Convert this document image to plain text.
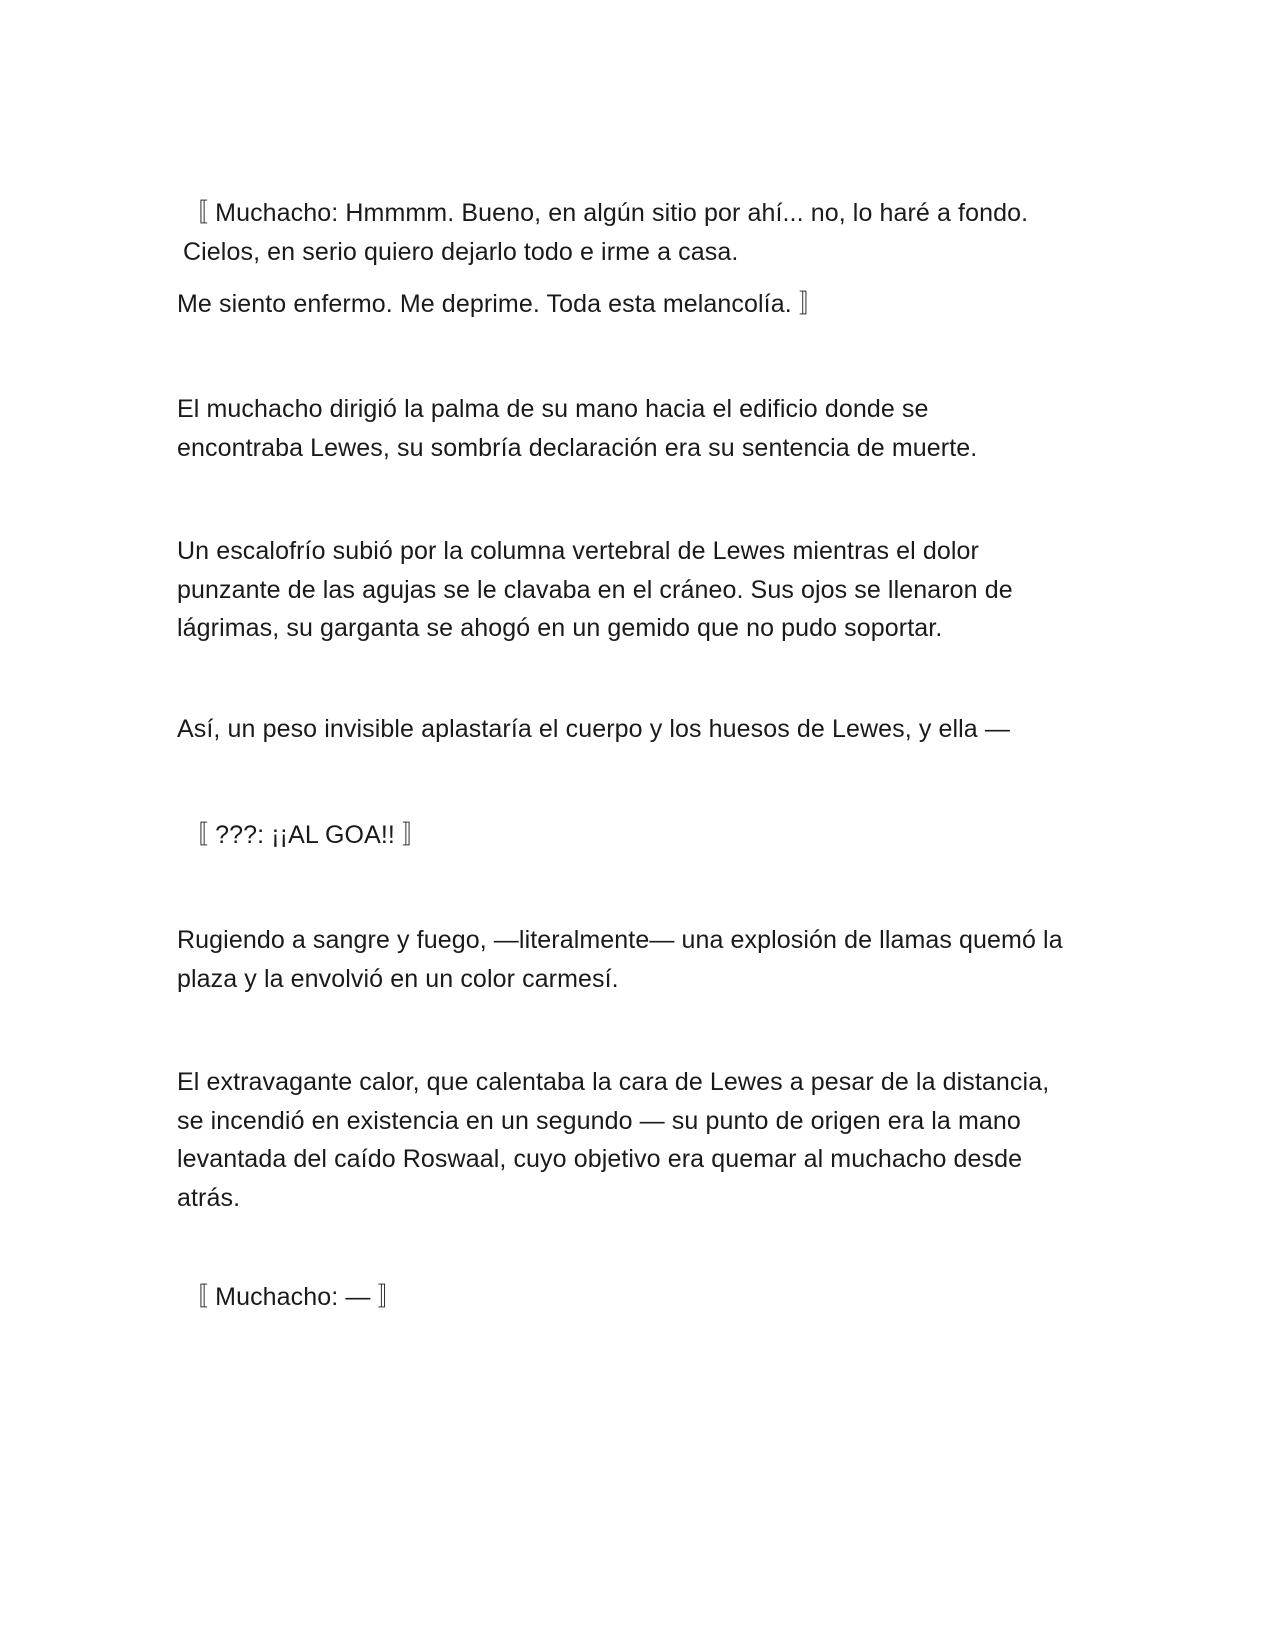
〚 Muchacho: Hmmmm. Bueno, en algún sitio por ahí... no, lo haré a fondo. Cielos, en serio quiero dejarlo todo e irme a casa.

Me siento enfermo. Me deprime. Toda esta melancolía. 〛

El muchacho dirigió la palma de su mano hacia el edificio donde se encontraba Lewes, su sombría declaración era su sentencia de muerte.

Un escalofrío subió por la columna vertebral de Lewes mientras el dolor punzante de las agujas se le clavaba en el cráneo. Sus ojos se llenaron de lágrimas, su garganta se ahogó en un gemido que no pudo soportar.

Así, un peso invisible aplastaría el cuerpo y los huesos de Lewes, y ella —

〚 ???: ¡¡AL GOA!! 〛

Rugiendo a sangre y fuego, —literalmente— una explosión de llamas quemó la plaza y la envolvió en un color carmesí.

El extravagante calor, que calentaba la cara de Lewes a pesar de la distancia, se incendió en existencia en un segundo — su punto de origen era la mano levantada del caído Roswaal, cuyo objetivo era quemar al muchacho desde atrás.

〚 Muchacho: — 〛
